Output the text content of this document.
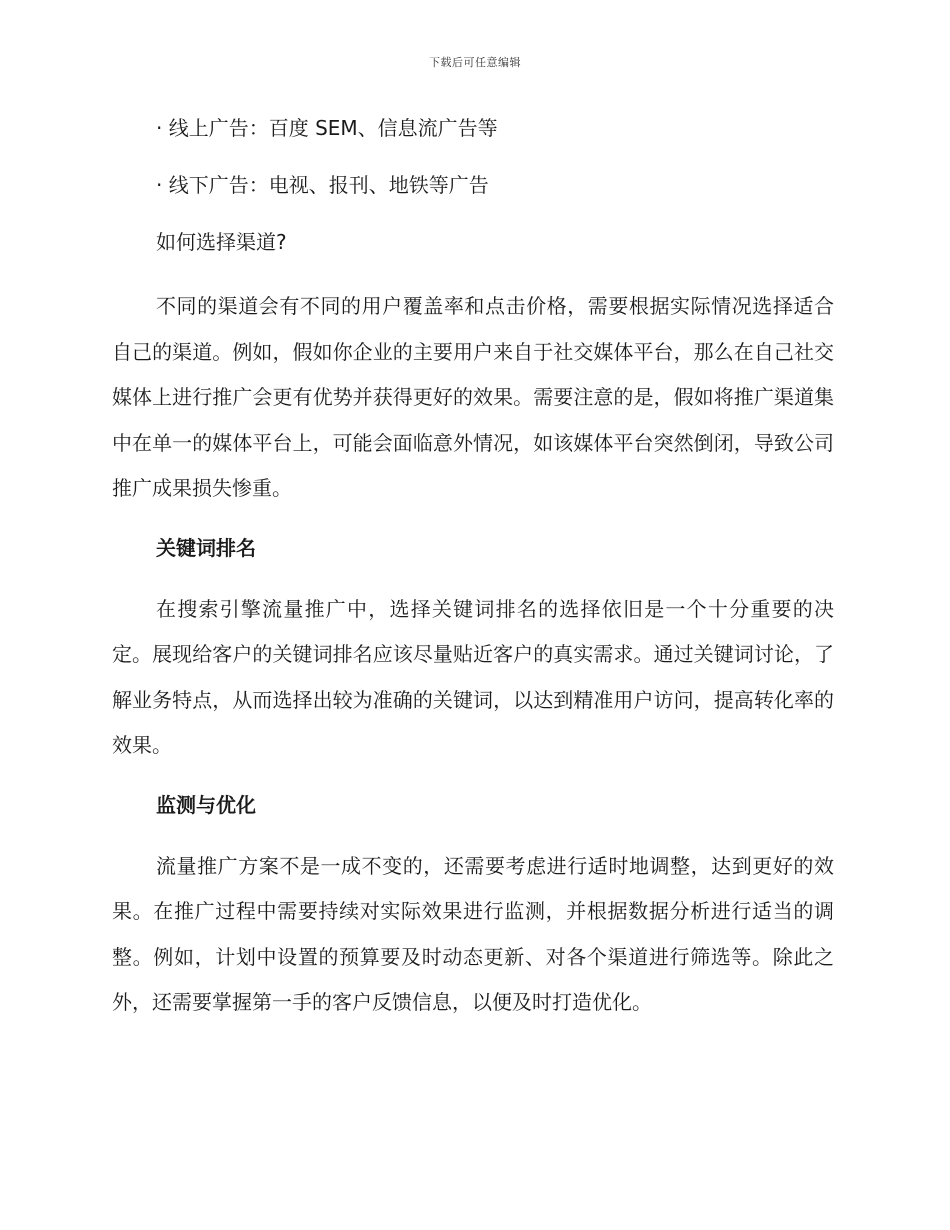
下载后可任意编辑

· 线上广告：百度 SEM、信息流广告等

· 线下广告：电视、报刊、地铁等广告

如何选择渠道?

不同的渠道会有不同的用户覆盖率和点击价格，需要根据实际情况选择适合自己的渠道。例如，假如你企业的主要用户来自于社交媒体平台，那么在自己社交媒体上进行推广会更有优势并获得更好的效果。需要注意的是，假如将推广渠道集中在单一的媒体平台上，可能会面临意外情况，如该媒体平台突然倒闭，导致公司推广成果损失惨重。

关键词排名

在搜索引擎流量推广中，选择关键词排名的选择依旧是一个十分重要的决定。展现给客户的关键词排名应该尽量贴近客户的真实需求。通过关键词讨论，了解业务特点，从而选择出较为准确的关键词，以达到精准用户访问，提高转化率的效果。

监测与优化

流量推广方案不是一成不变的，还需要考虑进行适时地调整，达到更好的效果。在推广过程中需要持续对实际效果进行监测，并根据数据分析进行适当的调整。例如，计划中设置的预算要及时动态更新、对各个渠道进行筛选等。除此之外，还需要掌握第一手的客户反馈信息，以便及时打造优化。
